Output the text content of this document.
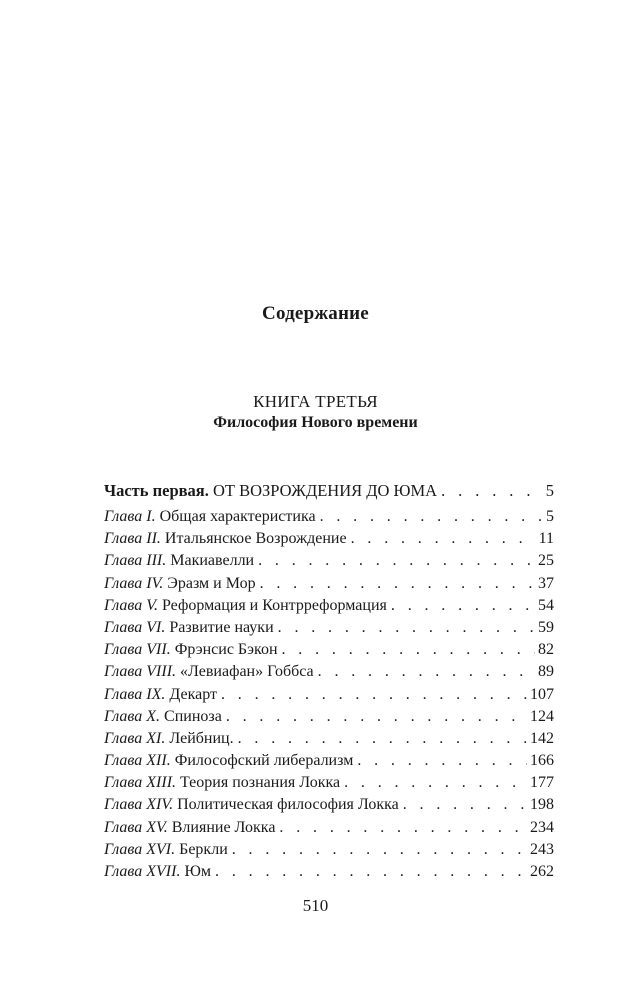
Содержание
КНИГА ТРЕТЬЯ
Философия Нового времени
Часть первая. ОТ ВОЗРОЖДЕНИЯ ДО ЮМА . . .	5
Глава I. Общая характеристика . . .	5
Глава II. Итальянское Возрождение . . .	11
Глава III. Макиавелли . . .	25
Глава IV. Эразм и Мор . . .	37
Глава V. Реформация и Контрреформация . . .	54
Глава VI. Развитие науки . . .	59
Глава VII. Фрэнсис Бэкон . . .	82
Глава VIII. «Левиафан» Гоббса . . .	89
Глава IX. Декарт . . .	107
Глава X. Спиноза . . .	124
Глава XI. Лейбниц. . . .	142
Глава XII. Философский либерализм . . .	166
Глава XIII. Теория познания Локка . . .	177
Глава XIV. Политическая философия Локка . . .	198
Глава XV. Влияние Локка . . .	234
Глава XVI. Беркли . . .	243
Глава XVII. Юм . . .	262
510
